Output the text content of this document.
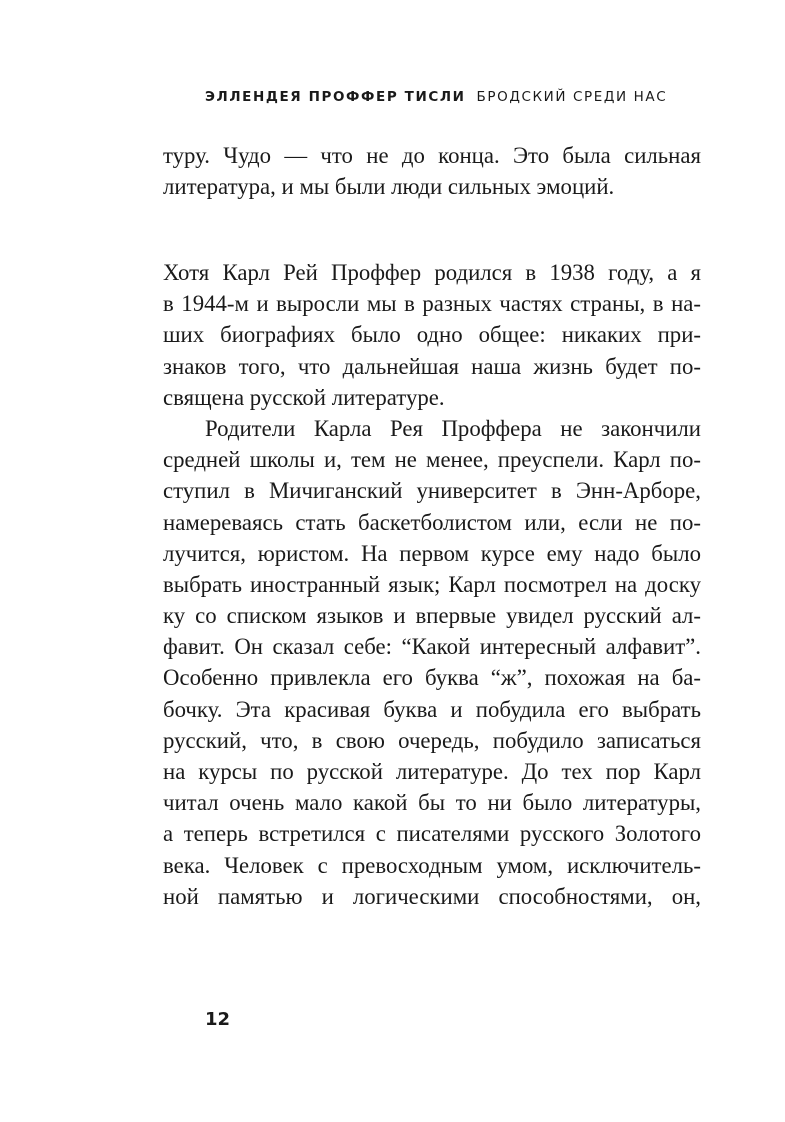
ЭЛЛЕНДЕЯ ПРОФФЕР ТИСЛИ БРОДСКИЙ СРЕДИ НАС
туру. Чудо — что не до конца. Это была сильная
литература, и мы были люди сильных эмоций.
Хотя Карл Рей Проффер родился в 1938 году, а я
в 1944-м и выросли мы в разных частях страны, в на-
ших биографиях было одно общее: никаких при-
знаков того, что дальнейшая наша жизнь будет по-
священа русской литературе.
Родители Карла Рея Проффера не закончили
средней школы и, тем не менее, преуспели. Карл по-
ступил в Мичиганский университет в Энн-Арборе,
намереваясь стать баскетболистом или, если не по-
лучится, юристом. На первом курсе ему надо было
выбрать иностранный язык; Карл посмотрел на доску
ку со списком языков и впервые увидел русский ал-
фавит. Он сказал себе: “Какой интересный алфавит”.
Особенно привлекла его буква “ж”, похожая на ба-
бочку. Эта красивая буква и побудила его выбрать
русский, что, в свою очередь, побудило записаться
на курсы по русской литературе. До тех пор Карл
читал очень мало какой бы то ни было литературы,
а теперь встретился с писателями русского Золотого
века. Человек с превосходным умом, исключитель-
ной памятью и логическими способностями, он,
12
